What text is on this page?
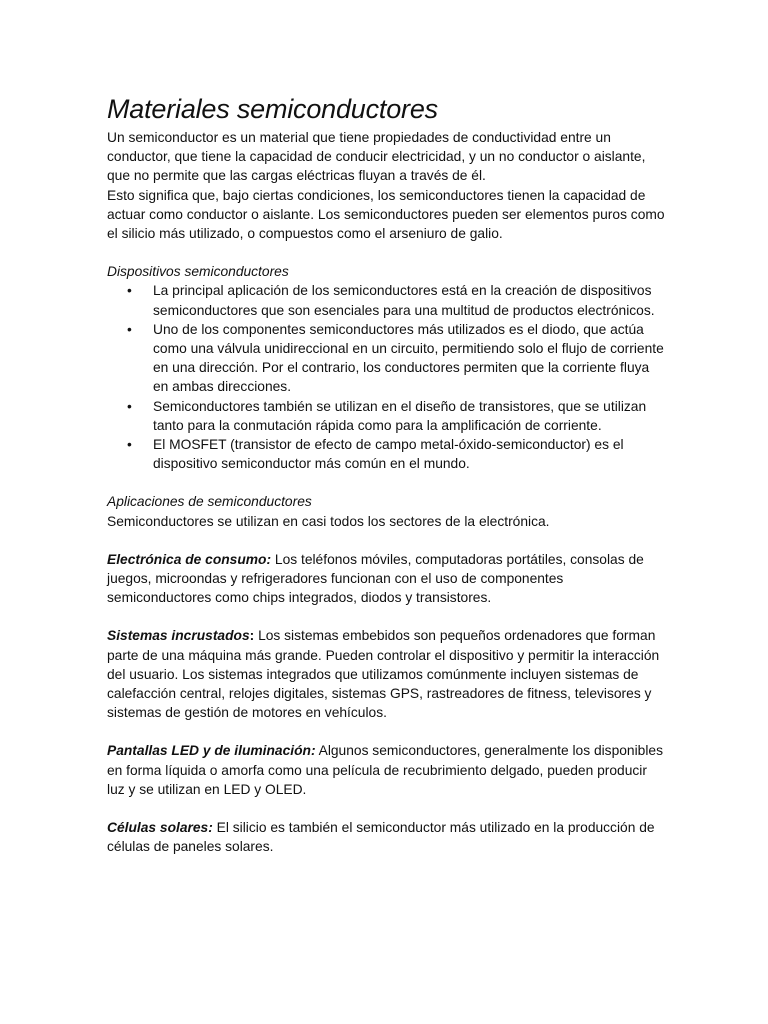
Materiales semiconductores

Un semiconductor es un material que tiene propiedades de conductividad entre un conductor, que tiene la capacidad de conducir electricidad, y un no conductor o aislante, que no permite que las cargas eléctricas fluyan a través de él.

Esto significa que, bajo ciertas condiciones, los semiconductores tienen la capacidad de actuar como conductor o aislante. Los semiconductores pueden ser elementos puros como el silicio más utilizado, o compuestos como el arseniuro de galio.

Dispositivos semiconductores

• La principal aplicación de los semiconductores está en la creación de dispositivos semiconductores que son esenciales para una multitud de productos electrónicos.
• Uno de los componentes semiconductores más utilizados es el diodo, que actúa como una válvula unidireccional en un circuito, permitiendo solo el flujo de corriente en una dirección. Por el contrario, los conductores permiten que la corriente fluya en ambas direcciones.
• Semiconductores también se utilizan en el diseño de transistores, que se utilizan tanto para la conmutación rápida como para la amplificación de corriente.
• El MOSFET (transistor de efecto de campo metal-óxido-semiconductor) es el dispositivo semiconductor más común en el mundo.

Aplicaciones de semiconductores

Semiconductores se utilizan en casi todos los sectores de la electrónica.

Electrónica de consumo: Los teléfonos móviles, computadoras portátiles, consolas de juegos, microondas y refrigeradores funcionan con el uso de componentes semiconductores como chips integrados, diodos y transistores.

Sistemas incrustados: Los sistemas embebidos son pequeños ordenadores que forman parte de una máquina más grande. Pueden controlar el dispositivo y permitir la interacción del usuario. Los sistemas integrados que utilizamos comúnmente incluyen sistemas de calefacción central, relojes digitales, sistemas GPS, rastreadores de fitness, televisores y sistemas de gestión de motores en vehículos.

Pantallas LED y de iluminación: Algunos semiconductores, generalmente los disponibles en forma líquida o amorfa como una película de recubrimiento delgado, pueden producir luz y se utilizan en LED y OLED.

Células solares: El silicio es también el semiconductor más utilizado en la producción de células de paneles solares.
